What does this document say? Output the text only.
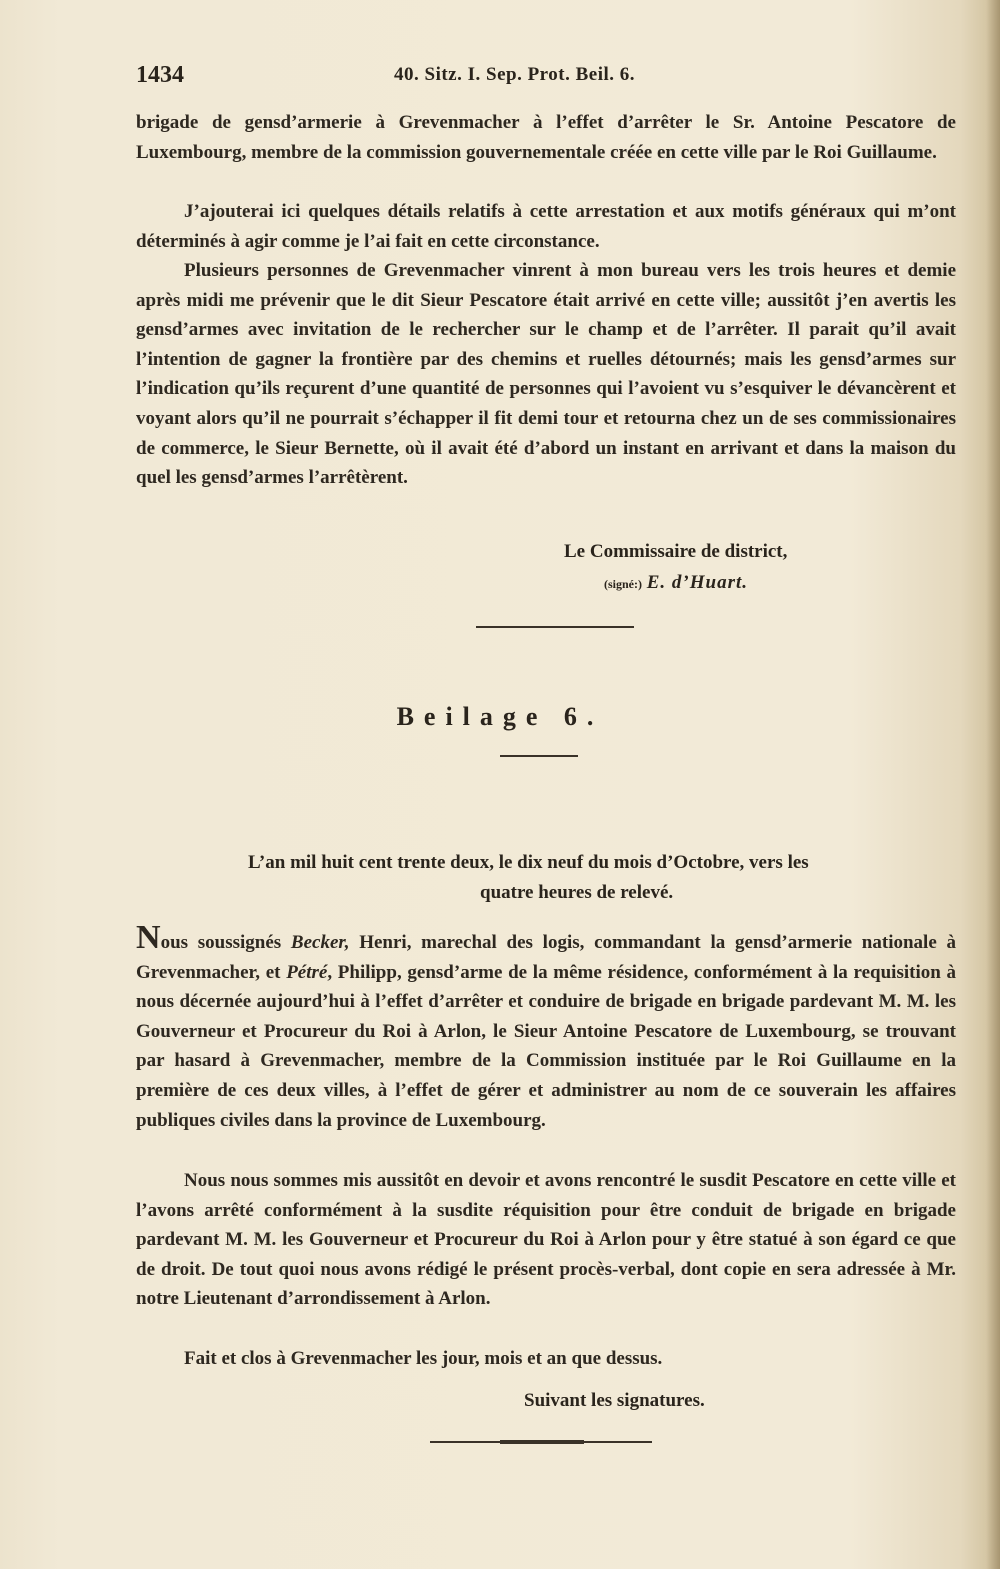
1434	40. Sitz. I. Sep. Prot. Beil. 6.

brigade de gensd’armerie à Grevenmacher à l’effet d’arrêter le Sr. Antoine Pescatore de Luxembourg, membre de la commission gouvernementale créée en cette ville par le Roi Guillaume.

J’ajouterai ici quelques détails relatifs à cette arrestation et aux motifs généraux qui m’ont déterminés à agir comme je l’ai fait en cette circonstance.

Plusieurs personnes de Grevenmacher vinrent à mon bureau vers les trois heures et demie après midi me prévenir que le dit Sieur Pescatore était arrivé en cette ville; aussitôt j’en avertis les gensd’armes avec invitation de le rechercher sur le champ et de l’arrêter. Il parait qu’il avait l’intention de gagner la frontière par des chemins et ruelles détournés; mais les gensd’armes sur l’indication qu’ils reçurent d’une quantité de personnes qui l’avoient vu s’esquiver le dévancèrent et voyant alors qu’il ne pourrait s’échapper il fit demi tour et retourna chez un de ses commissionaires de commerce, le Sieur Bernette, où il avait été d’abord un instant en arrivant et dans la maison du quel les gensd’armes l’arrêtèrent.

Le Commissaire de district,
(signé:) E. d’Huart.
Beilage 6.

L’an mil huit cent trente deux, le dix neuf du mois d’Octobre, vers les
quatre heures de relevé.

Nous soussignés Becker, Henri, marechal des logis, commandant la gensd’armerie nationale à Grevenmacher, et Pétré, Philipp, gensd’arme de la même résidence, conformément à la requisition à nous décernée aujourd’hui à l’effet d’arrêter et conduire de brigade en brigade pardevant M. M. les Gouverneur et Procureur du Roi à Arlon, le Sieur Antoine Pescatore de Luxembourg, se trouvant par hasard à Grevenmacher, membre de la Commission instituée par le Roi Guillaume en la première de ces deux villes, à l’effet de gérer et administrer au nom de ce souverain les affaires publiques civiles dans la province de Luxembourg.

Nous nous sommes mis aussitôt en devoir et avons rencontré le susdit Pescatore en cette ville et l’avons arrêté conformément à la susdite réquisition pour être conduit de brigade en brigade pardevant M. M. les Gouverneur et Procureur du Roi à Arlon pour y être statué à son égard ce que de droit. De tout quoi nous avons rédigé le présent procès-verbal, dont copie en sera adressée à Mr. notre Lieutenant d’arrondissement à Arlon.

Fait et clos à Grevenmacher les jour, mois et an que dessus.

Suivant les signatures.
